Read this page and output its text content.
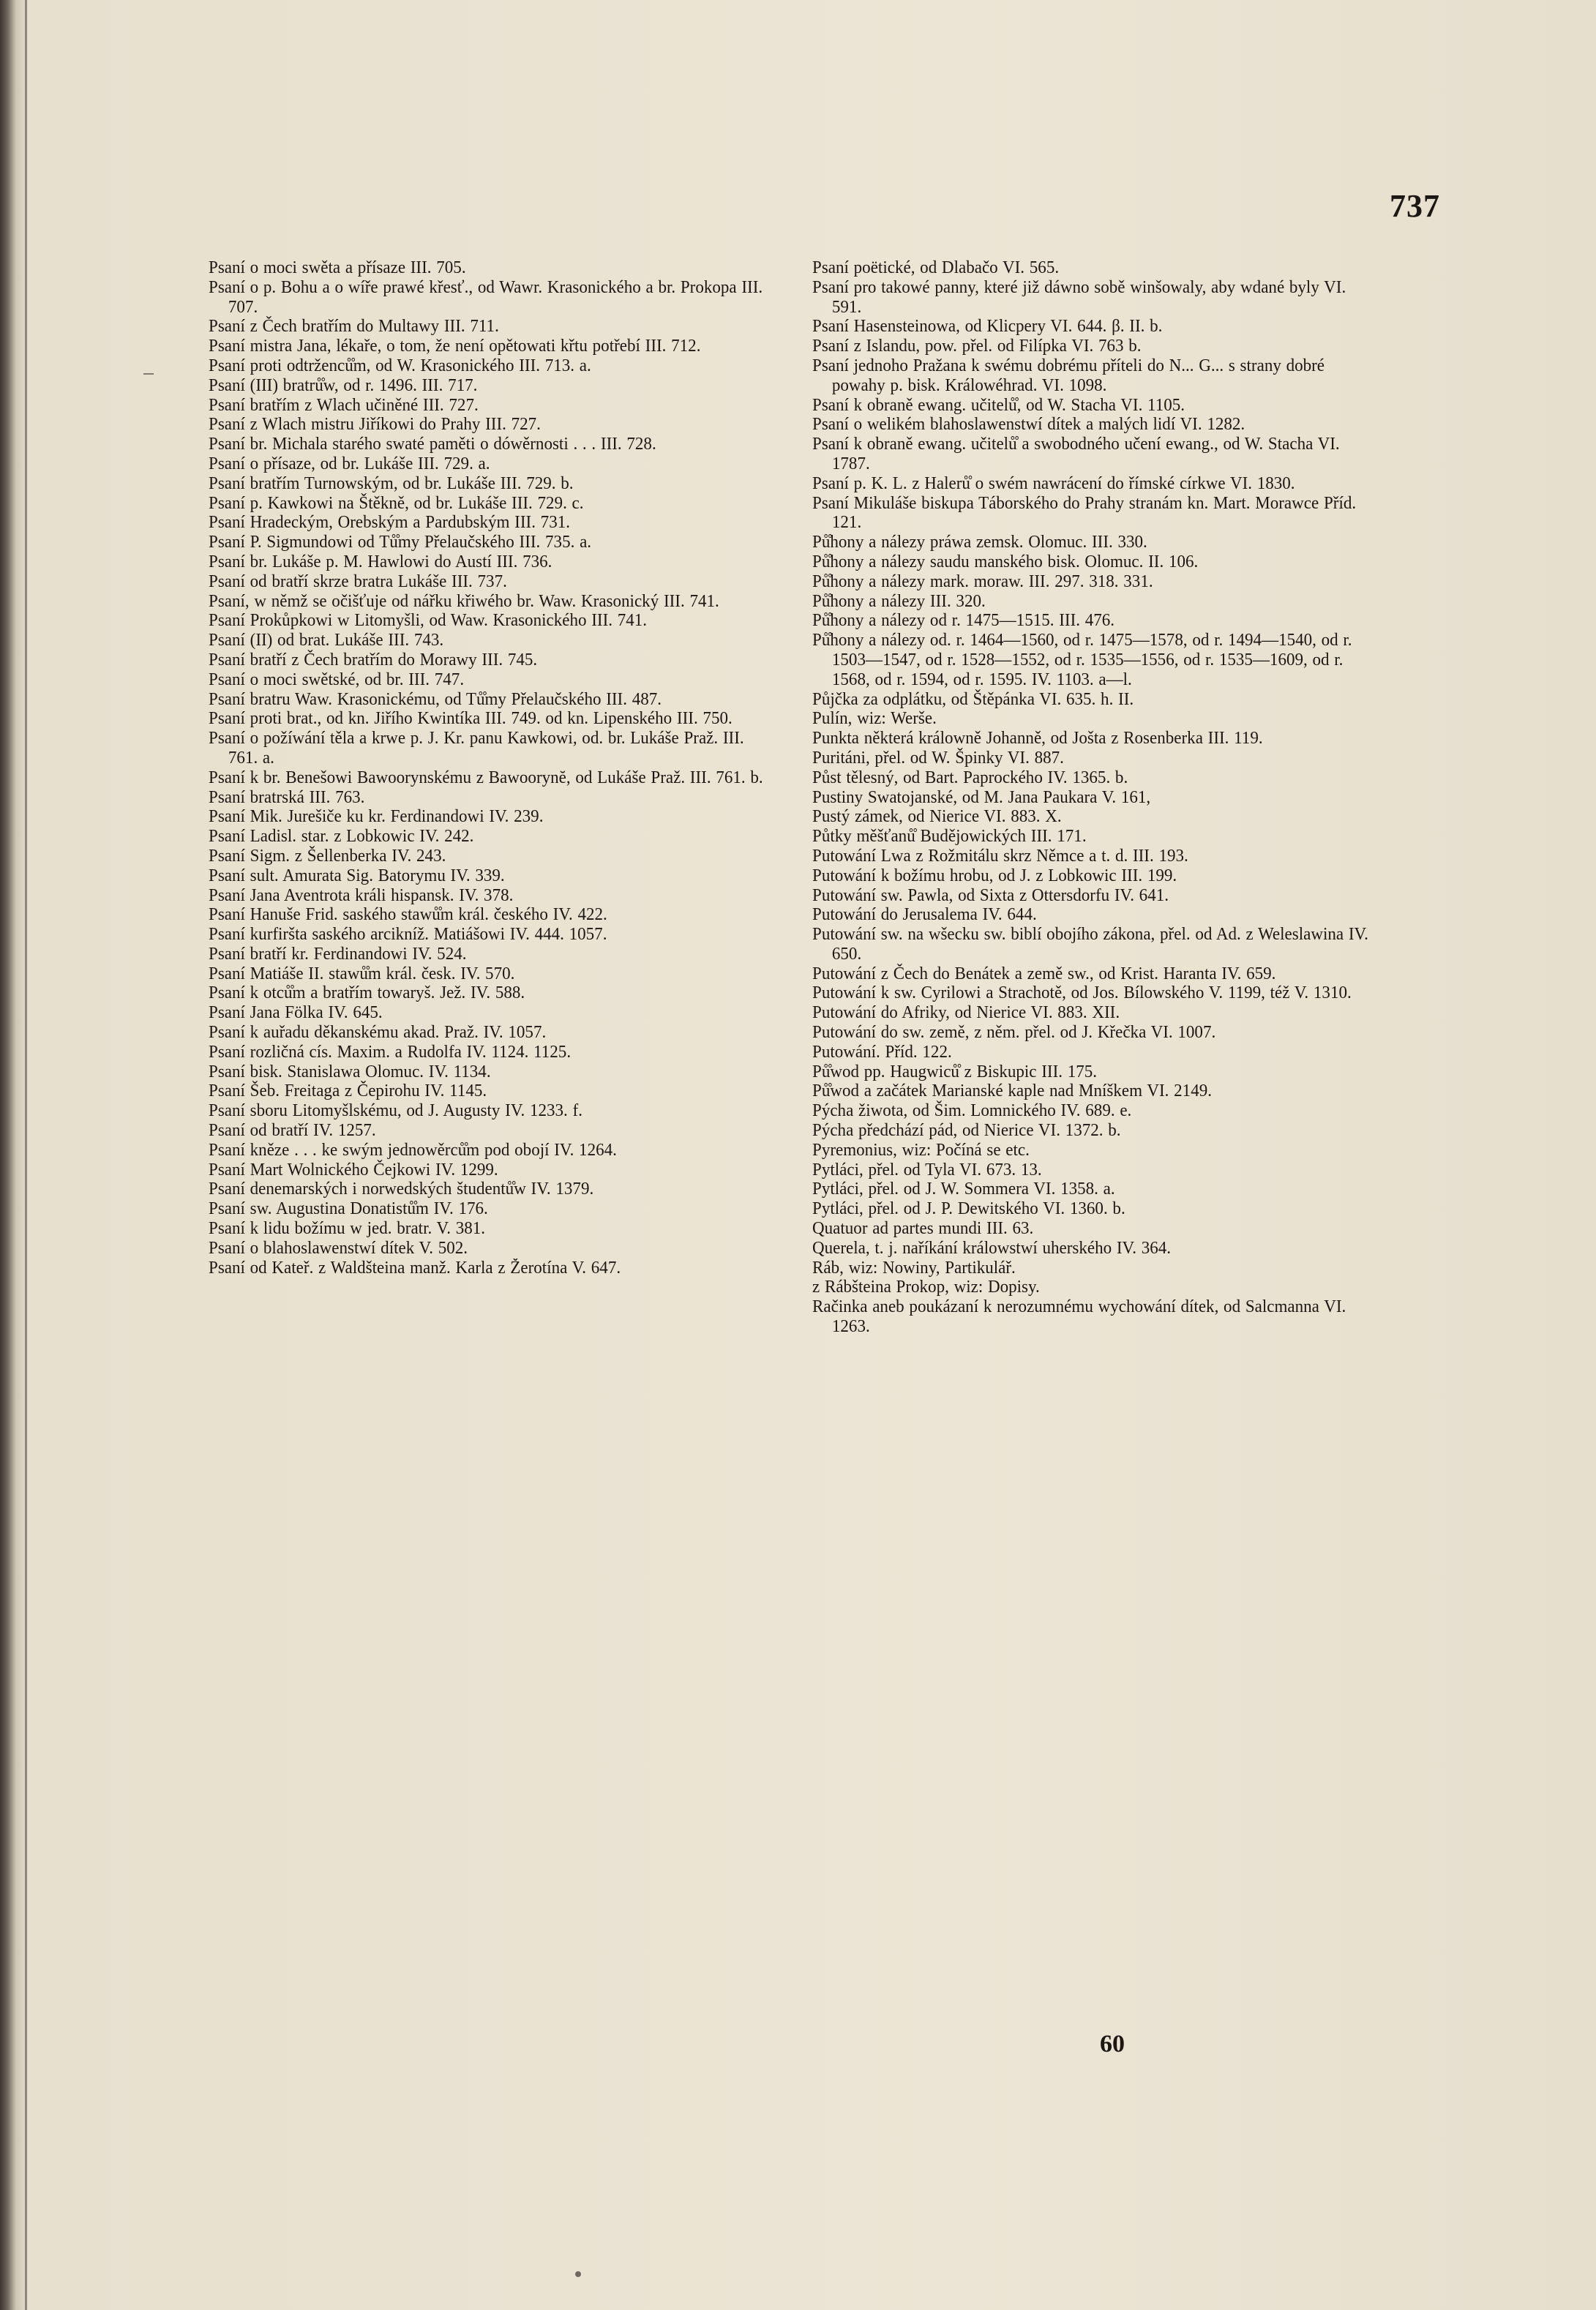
737

Psaní o moci swěta a přísaze III. 705.

Psaní o p. Bohu a o wíře prawé křesť., od Wawr. Krasonického a br. Prokopa III. 707.

Psaní z Čech bratřím do Multawy III. 711.

Psaní mistra Jana, lékaře, o tom, že není opětowati křtu potřebí III. 712.

Psaní proti odtrženců̊m, od W. Krasonického III. 713. a.

Psaní (III) bratrů̊w, od r. 1496. III. 717.

Psaní bratřím z Wlach učiněné III. 727.

Psaní z Wlach mistru Jiříkowi do Prahy III. 727.

Psaní br. Michala starého swaté paměti o dówěrnosti . . . III. 728.

Psaní o přísaze, od br. Lukáše III. 729. a.

Psaní bratřím Turnowským, od br. Lukáše III. 729. b.

Psaní p. Kawkowi na Štěkně, od br. Lukáše III. 729. c.

Psaní Hradeckým, Orebským a Pardubským III. 731.

Psaní P. Sigmundowi od Tů̊my Přelaučského III. 735. a.

Psaní br. Lukáše p. M. Hawlowi do Austí III. 736.

Psaní od bratří skrze bratra Lukáše III. 737.

Psaní, w němž se očišťuje od nářku křiwého br. Waw. Krasonický III. 741.

Psaní Prokůpkowi w Litomyšli, od Waw. Krasonického III. 741.

Psaní (II) od brat. Lukáše III. 743.

Psaní bratří z Čech bratřím do Morawy III. 745.

Psaní o moci swětské, od br. III. 747.

Psaní bratru Waw. Krasonickému, od Tů̊my Přelaučského III. 487.

Psaní proti brat., od kn. Jiřího Kwintíka III. 749. od kn. Lipenského III. 750.

Psaní o požíwání těla a krwe p. J. Kr. panu Kawkowi, od. br. Lukáše Praž. III. 761. a.

Psaní k br. Benešowi Bawoorynskému z Bawoorynĕ, od Lukáše Praž. III. 761. b.

Psaní bratrská III. 763.

Psaní Mik. Jurešiče ku kr. Ferdinandowi IV. 239.

Psaní Ladisl. star. z Lobkowic IV. 242.

Psaní Sigm. z Šellenberka IV. 243.

Psaní sult. Amurata Sig. Batorymu IV. 339.

Psaní Jana Aventrota králi hispansk. IV. 378.

Psaní Hanuše Frid. saského stawů̊m král. českého IV. 422.

Psaní kurfiršta saského arcikníž. Matiášowi IV. 444. 1057.

Psaní bratří kr. Ferdinandowi IV. 524.

Psaní Matiáše II. stawů̊m král. česk. IV. 570.

Psaní k otců̊m a bratřím towaryš. Jež. IV. 588.

Psaní Jana Fölka IV. 645.

Psaní k auřadu děkanskému akad. Praž. IV. 1057.

Psaní rozličná cís. Maxim. a Rudolfa IV. 1124. 1125.

Psaní bisk. Stanislawa Olomuc. IV. 1134.

Psaní Šeb. Freitaga z Čepirohu IV. 1145.

Psaní sboru Litomyšlskému, od J. Augusty IV. 1233. f.

Psaní od bratří IV. 1257.

Psaní kněze . . . ke swým jednowěrců̊m pod obojí IV. 1264.

Psaní Mart Wolnického Čejkowi IV. 1299.

Psaní denemarských i norwedských študentů̊w IV. 1379.

Psaní sw. Augustina Donatistů̊m IV. 176.

Psaní k lidu božímu w jed. bratr. V. 381.

Psaní o blahoslawenstwí dítek V. 502.

Psaní od Kateř. z Waldšteina manž. Karla z Žerotína V. 647.

Psaní poëtické, od Dlabačo VI. 565.

Psaní pro takowé panny, které již dáwno sobě winšowaly, aby wdané byly VI. 591.

Psaní Hasensteinowa, od Klicpery VI. 644. β. II. b.

Psaní z Islandu, pow. přel. od Filípka VI. 763 b.

Psaní jednoho Pražana k swému dobrému příteli do N... G... s strany dobré powahy p. bisk. Králowéhrad. VI. 1098.

Psaní k obraně ewang. učitelů̊, od W. Stacha VI. 1105.

Psaní o welikém blahoslawenstwí dítek a malých lidí VI. 1282.

Psaní k obraně ewang. učitelů̊ a swobodného učení ewang., od W. Stacha VI. 1787.

Psaní p. K. L. z Halerů̊ o swém nawrácení do římské církwe VI. 1830.

Psaní Mikuláše biskupa Táborského do Prahy stranám kn. Mart. Morawce Příd. 121.

Pů̊hony a nálezy práwa zemsk. Olomuc. III. 330.

Pů̊hony a nálezy saudu manského bisk. Olomuc. II. 106.

Pů̊hony a nálezy mark. moraw. III. 297. 318. 331.

Pů̊hony a nálezy III. 320.

Pů̊hony a nálezy od r. 1475—1515. III. 476.

Pů̊hony a nálezy od. r. 1464—1560, od r. 1475—1578, od r. 1494—1540, od r. 1503—1547, od r. 1528—1552, od r. 1535—1556, od r. 1535—1609, od r. 1568, od r. 1594, od r. 1595. IV. 1103. a—l.

Půjčka za odplátku, od Štěpánka VI. 635. h. II.

Pulín, wiz: Werše.

Punkta některá králowně Johanně, od Jošta z Rosenberka III. 119.

Puritáni, přel. od W. Špinky VI. 887.

Půst tělesný, od Bart. Paprockého IV. 1365. b.

Pustiny Swatojanské, od M. Jana Paukara V. 161,

Pustý zámek, od Nierice VI. 883. X.

Půtky měšťanů̊ Budějowických III. 171.

Putowání Lwa z Rožmitálu skrz Němce a t. d. III. 193.

Putowání k božímu hrobu, od J. z Lobkowic III. 199.

Putowání sw. Pawla, od Sixta z Ottersdorfu IV. 641.

Putowání do Jerusalema IV. 644.

Putowání sw. na wšecku sw. biblí obojího zákona, přel. od Ad. z Weleslawina IV. 650.

Putowání z Čech do Benátek a země sw., od Krist. Haranta IV. 659.

Putowání k sw. Cyrilowi a Strachotě, od Jos. Bílowského V. 1199, též V. 1310.

Putowání do Afriky, od Nierice VI. 883. XII.

Putowání do sw. země, z něm. přel. od J. Křečka VI. 1007.

Putowání. Příd. 122.

Pů̊wod pp. Haugwiců̊ z Biskupic III. 175.

Pů̊wod a začátek Marianské kaple nad Mníškem VI. 2149.

Pýcha žiwota, od Šim. Lomnického IV. 689. e.

Pýcha předchází pád, od Nierice VI. 1372. b.

Pyremonius, wiz: Počíná se etc.

Pytláci, přel. od Tyla VI. 673. 13.

Pytláci, přel. od J. W. Sommera VI. 1358. a.

Pytláci, přel. od J. P. Dewitského VI. 1360. b.

Quatuor ad partes mundi III. 63.

Querela, t. j. naříkání králowstwí uherského IV. 364.

Ráb, wiz: Nowiny, Partikulář.

z Rábšteina Prokop, wiz: Dopisy.

Račinka aneb poukázaní k nerozumnému wychowání dítek, od Salcmanna VI. 1263.

60
